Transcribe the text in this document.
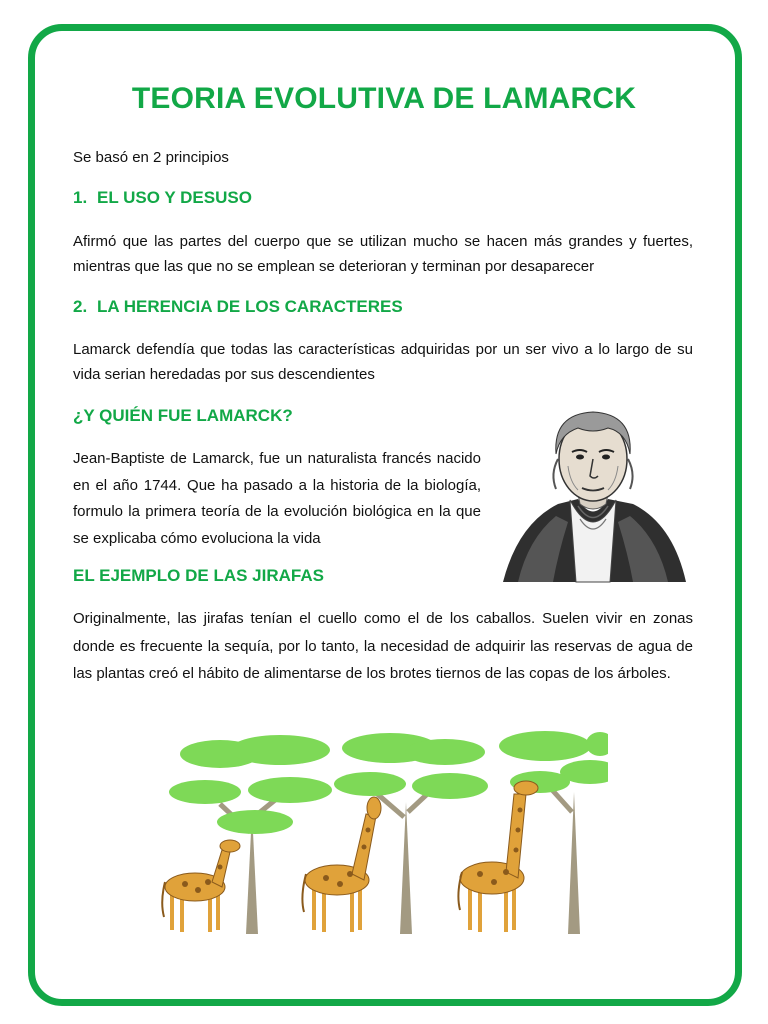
TEORIA EVOLUTIVA DE LAMARCK
Se basó en 2 principios
1. EL USO Y DESUSO
Afirmó que las partes del cuerpo que se utilizan mucho se hacen más grandes y fuertes, mientras que las que no se emplean se deterioran y terminan por desaparecer
2. LA HERENCIA DE LOS CARACTERES
Lamarck defendía que todas las características adquiridas por un ser vivo a lo largo de su vida serian heredadas por sus descendientes
¿Y QUIÉN FUE LAMARCK?
Jean-Baptiste de Lamarck, fue un naturalista francés nacido en el año 1744. Que ha pasado a la historia de la biología, formulo la primera teoría de la evolución biológica en la que se explicaba cómo evoluciona la vida
EL EJEMPLO DE LAS JIRAFAS
Originalmente, las jirafas tenían el cuello como el de los caballos. Suelen vivir en zonas donde es frecuente la sequía, por lo tanto, la necesidad de adquirir las reservas de agua de las plantas creó el hábito de alimentarse de los brotes tiernos de las copas de los árboles.
